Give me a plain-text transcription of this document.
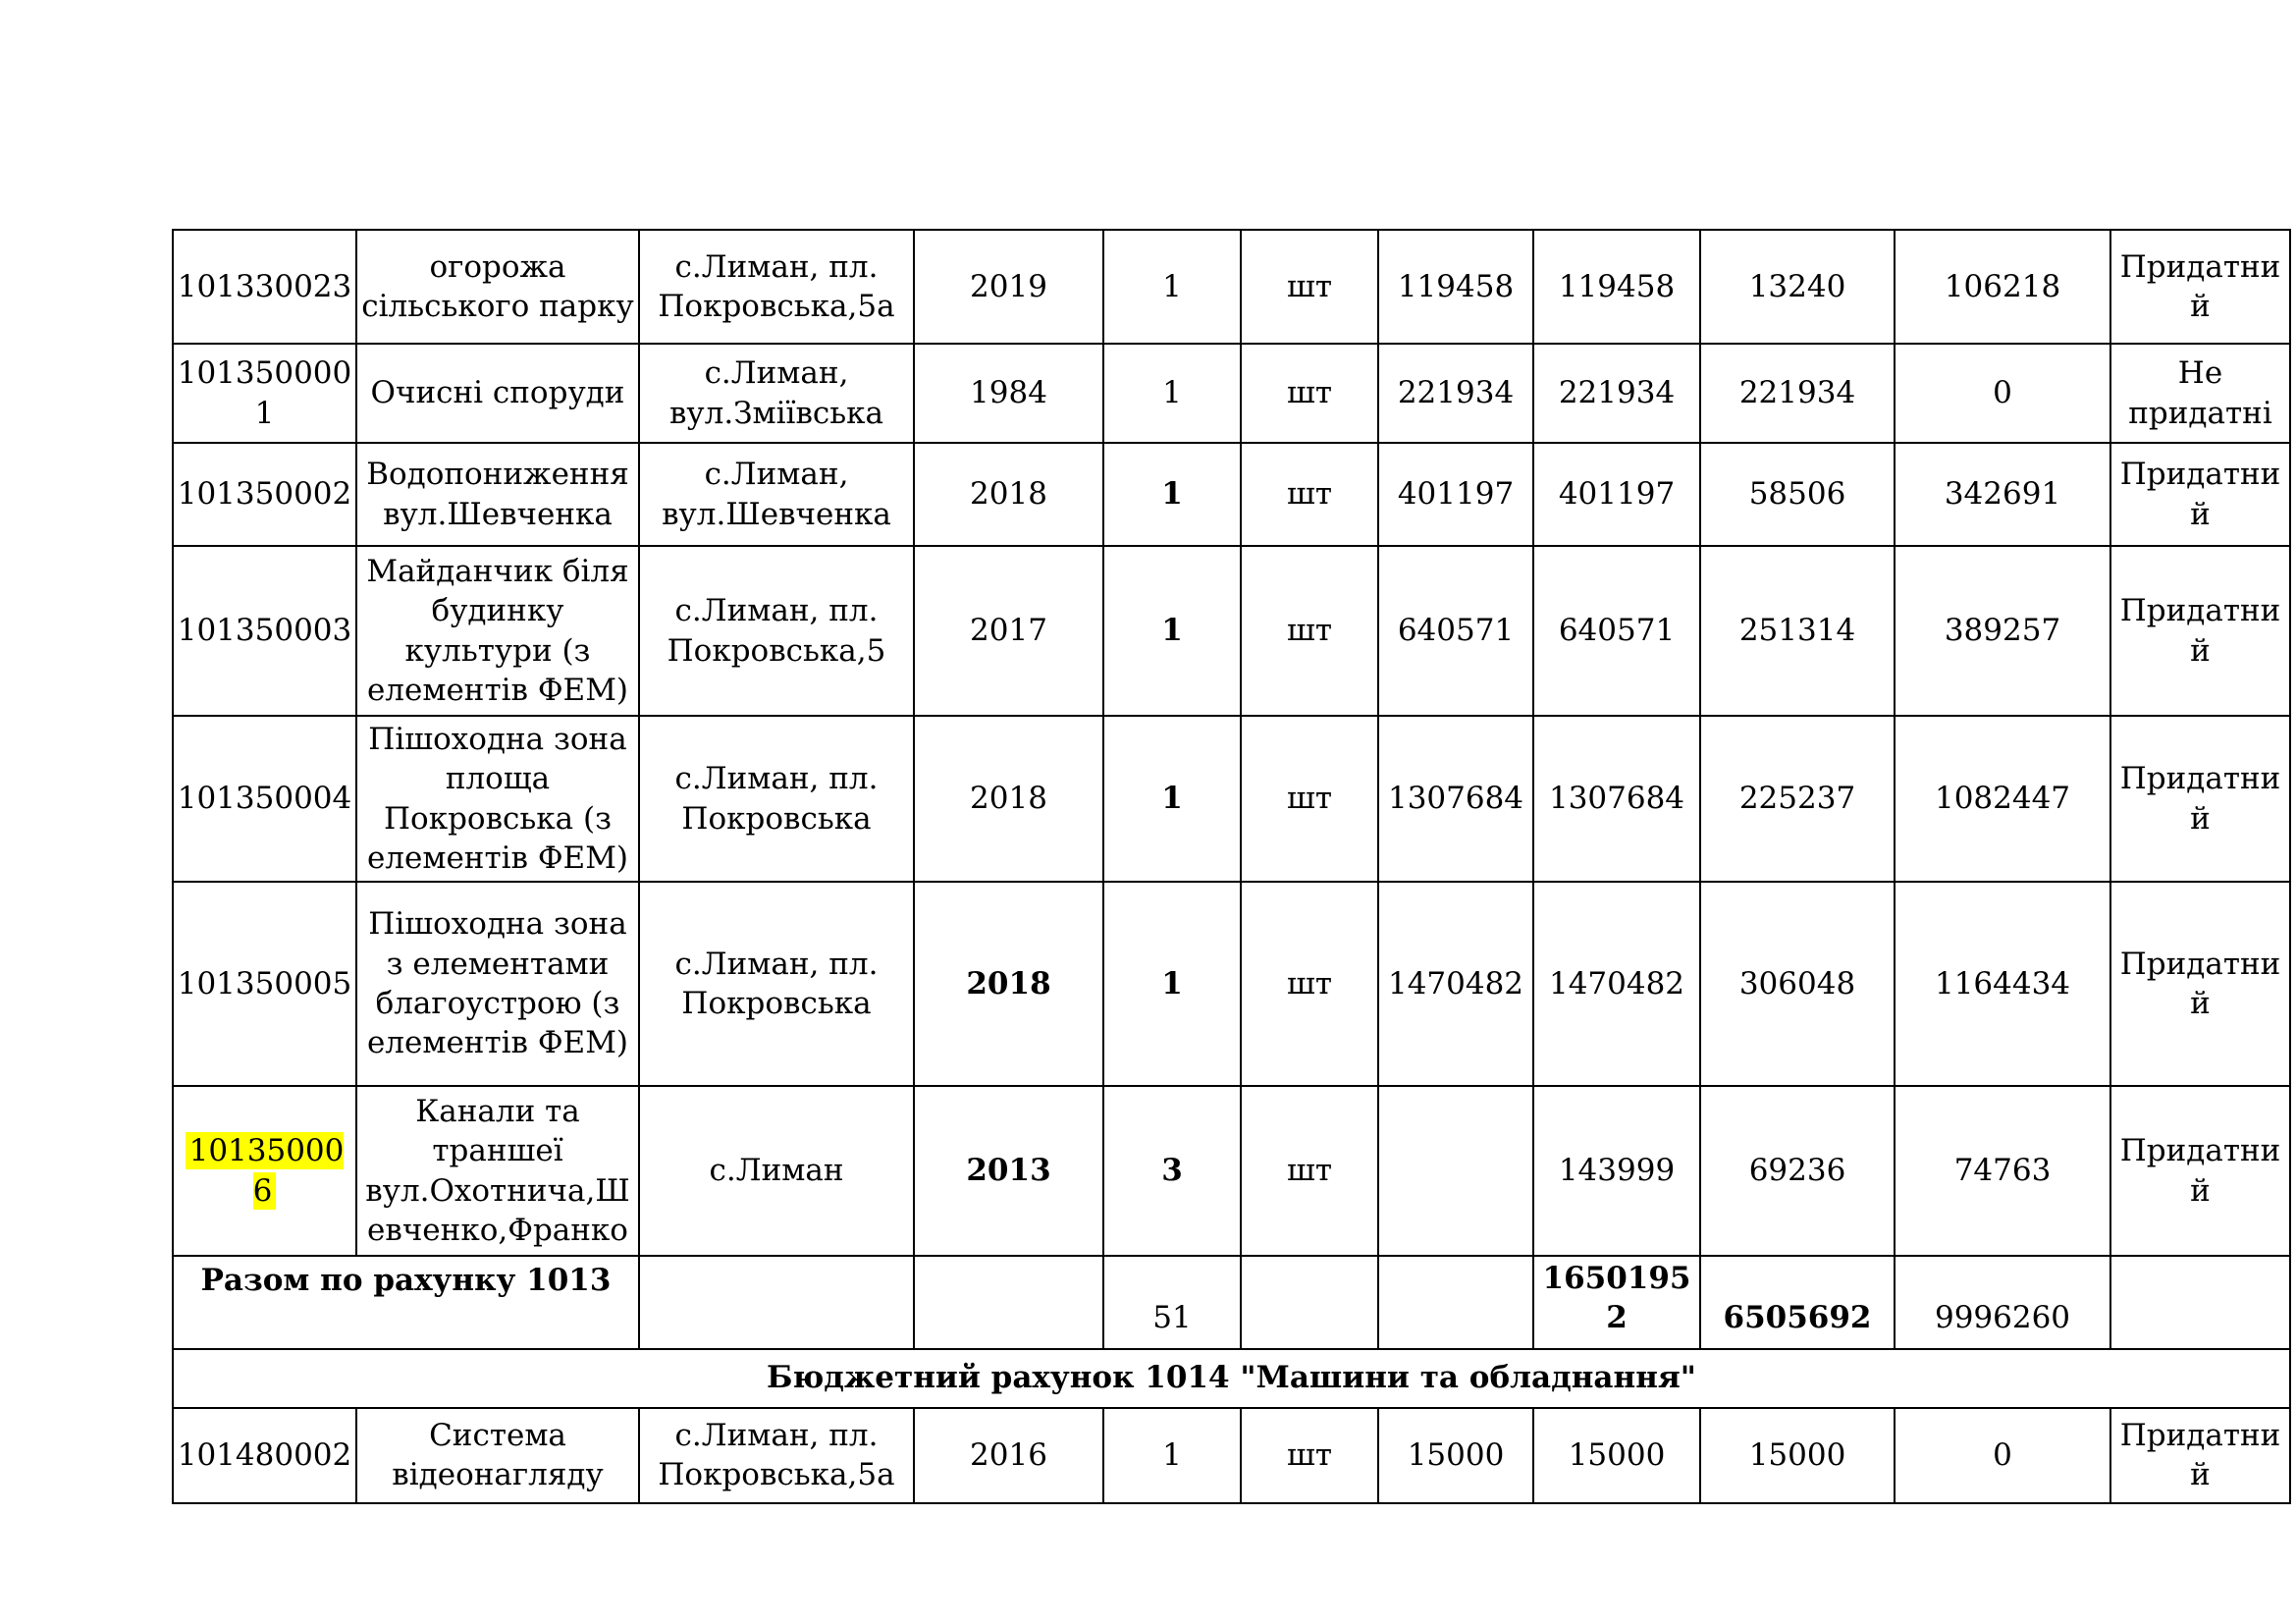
101330023	огорожа сільського парку	с.Лиман, пл. Покровська,5а	2019	1	шт	119458	119458	13240	106218	Придатний
1013500001	Очисні споруди	с.Лиман, вул.Зміївська	1984	1	шт	221934	221934	221934	0	Не придатні
101350002	Водопониження вул.Шевченка	с.Лиман, вул.Шевченка	2018	1	шт	401197	401197	58506	342691	Придатний
101350003	Майданчик біля будинку культури (з елементів ФЕМ)	с.Лиман, пл. Покровська,5	2017	1	шт	640571	640571	251314	389257	Придатний
101350004	Пішоходна зона площа Покровська (з елементів ФЕМ)	с.Лиман, пл. Покровська	2018	1	шт	1307684	1307684	225237	1082447	Придатний
101350005	Пішоходна зона з елементами благоустрою (з елементів ФЕМ)	с.Лиман, пл. Покровська	2018	1	шт	1470482	1470482	306048	1164434	Придатний
101350006	Канали та траншеї вул.Охотнича,Шевченко,Франко	с.Лиман	2013	3	шт		143999	69236	74763	Придатний
Разом по рахунку 1013				51			16501952	6505692	9996260	
Бюджетний рахунок 1014 "Машини та обладнання"										
101480002	Система відеонагляду	с.Лиман, пл. Покровська,5а	2016	1	шт	15000	15000	15000	0	Придатний
